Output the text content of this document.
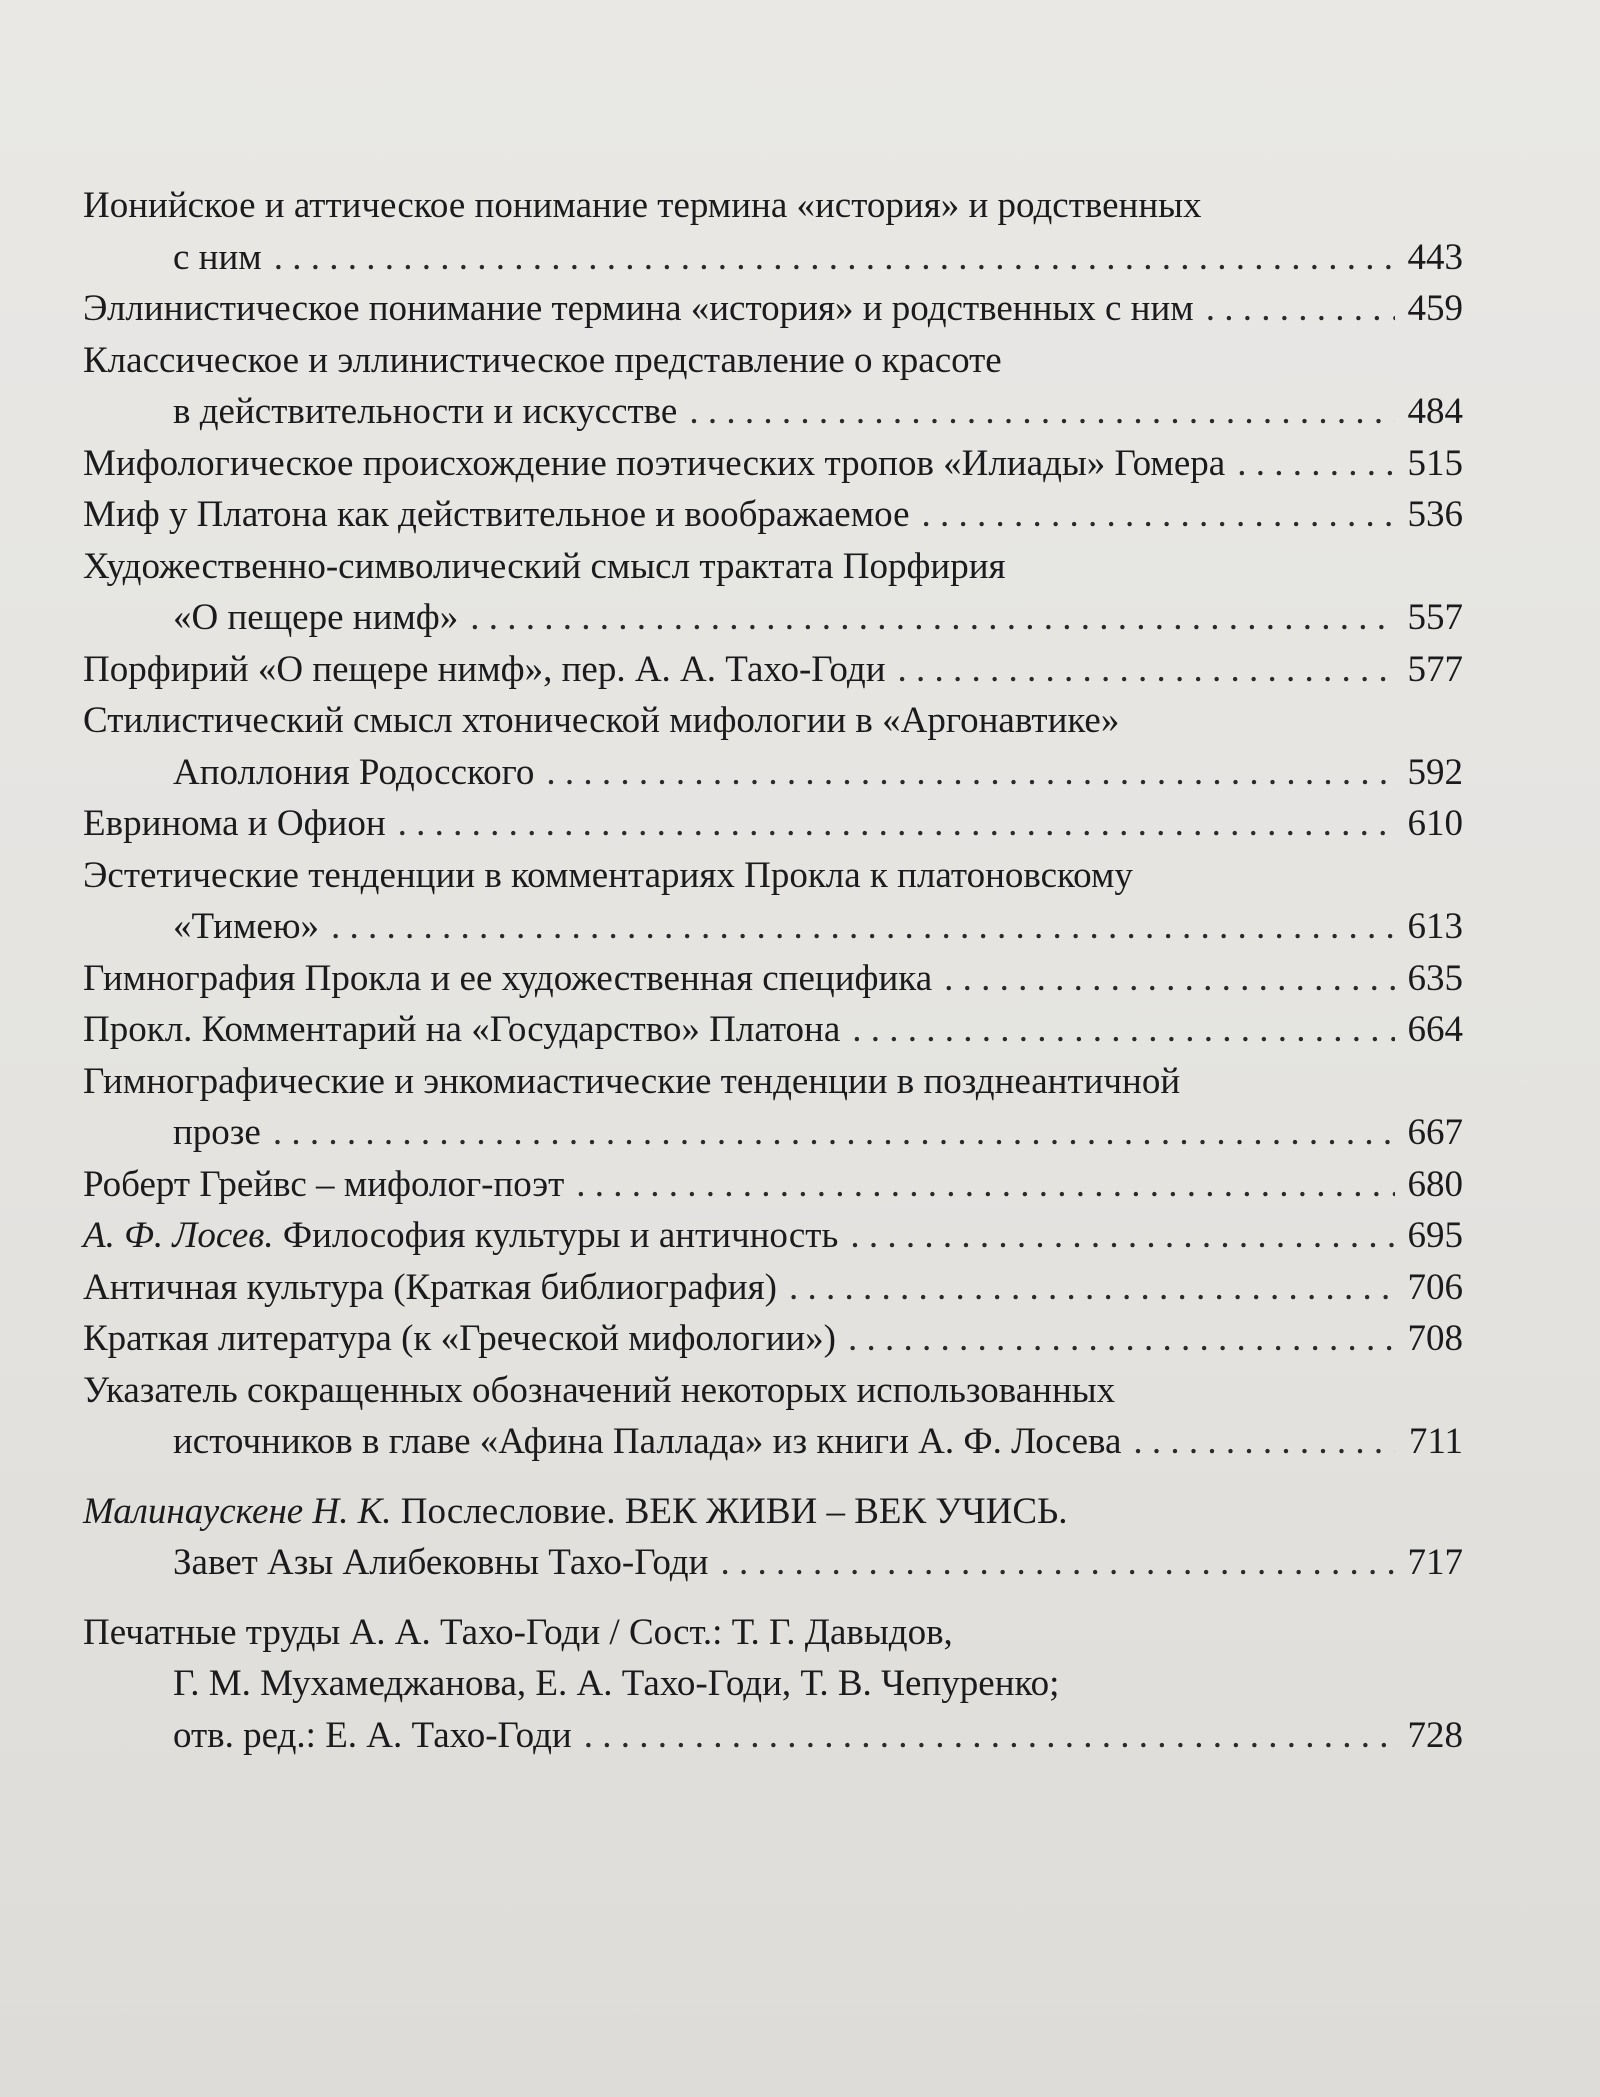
Ионийское и аттическое понимание термина «история» и родственных
с ним . . .	443
Эллинистическое понимание термина «история» и родственных с ним . . .	459
Классическое и эллинистическое представление о красоте
в действительности и искусстве . . .	484
Мифологическое происхождение поэтических тропов «Илиады» Гомера . . .	515
Миф у Платона как действительное и воображаемое . . .	536
Художественно-символический смысл трактата Порфирия
«О пещере нимф» . . .	557
Порфирий «О пещере нимф», пер. А. А. Тахо-Годи . . .	577
Стилистический смысл хтонической мифологии в «Аргонавтике»
Аполлония Родосского . . .	592
Евринома и Офион . . .	610
Эстетические тенденции в комментариях Прокла к платоновскому
«Тимею» . . .	613
Гимнография Прокла и ее художественная специфика . . .	635
Прокл. Комментарий на «Государство» Платона . . .	664
Гимнографические и энкомиастические тенденции в позднеантичной
прозе . . .	667
Роберт Грейвс – мифолог-поэт . . .	680
А. Ф. Лосев. Философия культуры и античность . . .	695
Античная культура (Краткая библиография) . . .	706
Краткая литература (к «Греческой мифологии») . . .	708
Указатель сокращенных обозначений некоторых использованных
источников в главе «Афина Паллада» из книги А. Ф. Лосева . . .	711
Малинаускене Н. К. Послесловие. ВЕК ЖИВИ – ВЕК УЧИСЬ.
Завет Азы Алибековны Тахо-Годи . . .	717
Печатные труды А. А. Тахо-Годи / Сост.: Т. Г. Давыдов,
Г. М. Мухамеджанова, Е. А. Тахо-Годи, Т. В. Чепуренко;
отв. ред.: Е. А. Тахо-Годи . . .	728
